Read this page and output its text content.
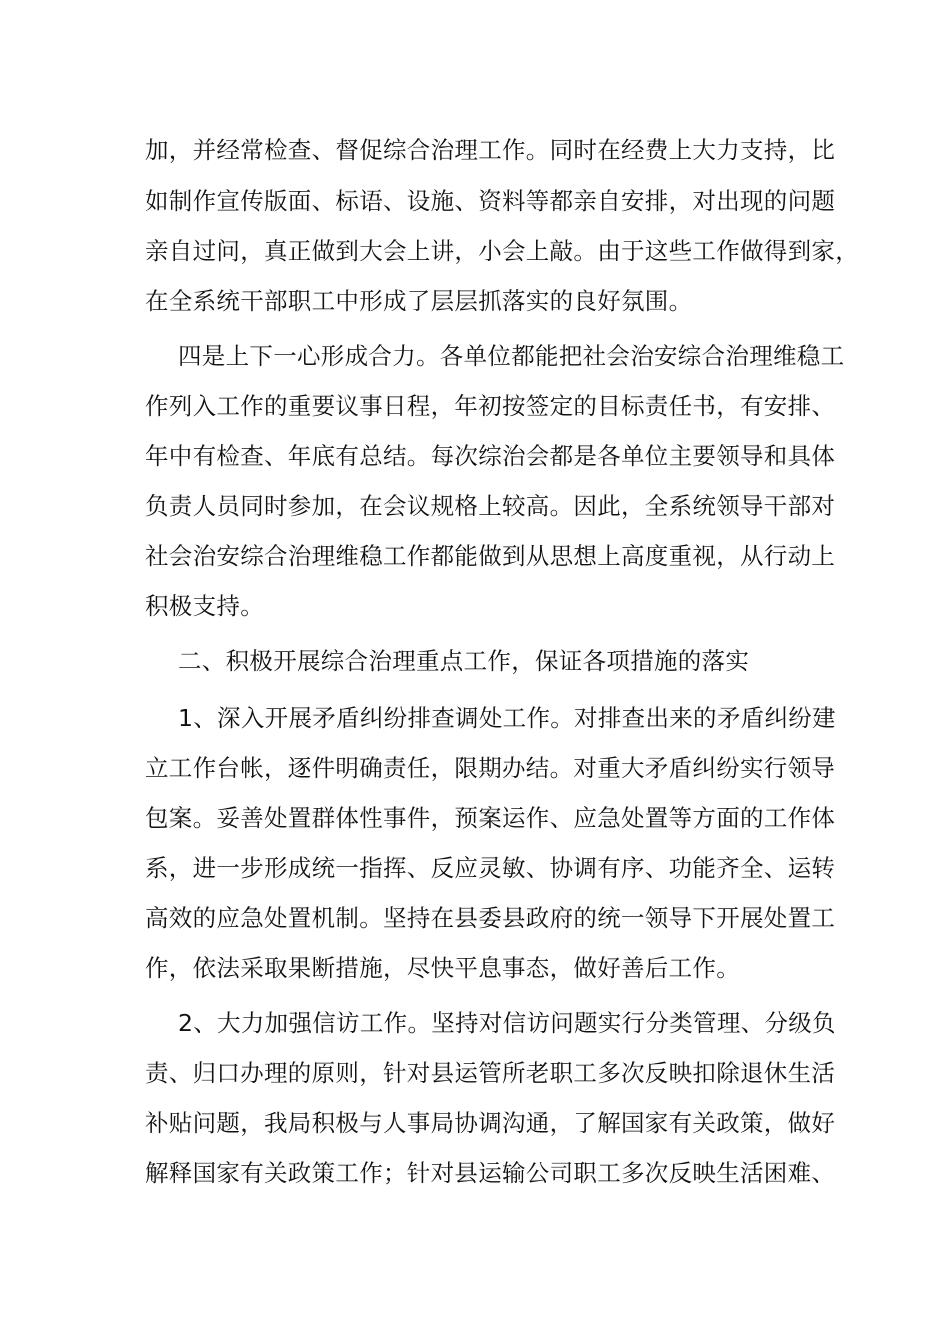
加，并经常检查、督促综合治理工作。同时在经费上大力支持，比
如制作宣传版面、标语、设施、资料等都亲自安排，对出现的问题
亲自过问，真正做到大会上讲，小会上敲。由于这些工作做得到家，
在全系统干部职工中形成了层层抓落实的良好氛围。
四是上下一心形成合力。各单位都能把社会治安综合治理维稳工
作列入工作的重要议事日程，年初按签定的目标责任书，有安排、
年中有检查、年底有总结。每次综治会都是各单位主要领导和具体
负责人员同时参加，在会议规格上较高。因此，全系统领导干部对
社会治安综合治理维稳工作都能做到从思想上高度重视，从行动上
积极支持。
二、积极开展综合治理重点工作，保证各项措施的落实
1、深入开展矛盾纠纷排查调处工作。对排查出来的矛盾纠纷建
立工作台帐，逐件明确责任，限期办结。对重大矛盾纠纷实行领导
包案。妥善处置群体性事件，预案运作、应急处置等方面的工作体
系，进一步形成统一指挥、反应灵敏、协调有序、功能齐全、运转
高效的应急处置机制。坚持在县委县政府的统一领导下开展处置工
作，依法采取果断措施，尽快平息事态，做好善后工作。
2、大力加强信访工作。坚持对信访问题实行分类管理、分级负
责、归口办理的原则，针对县运管所老职工多次反映扣除退休生活
补贴问题，我局积极与人事局协调沟通，了解国家有关政策，做好
解释国家有关政策工作；针对县运输公司职工多次反映生活困难、
